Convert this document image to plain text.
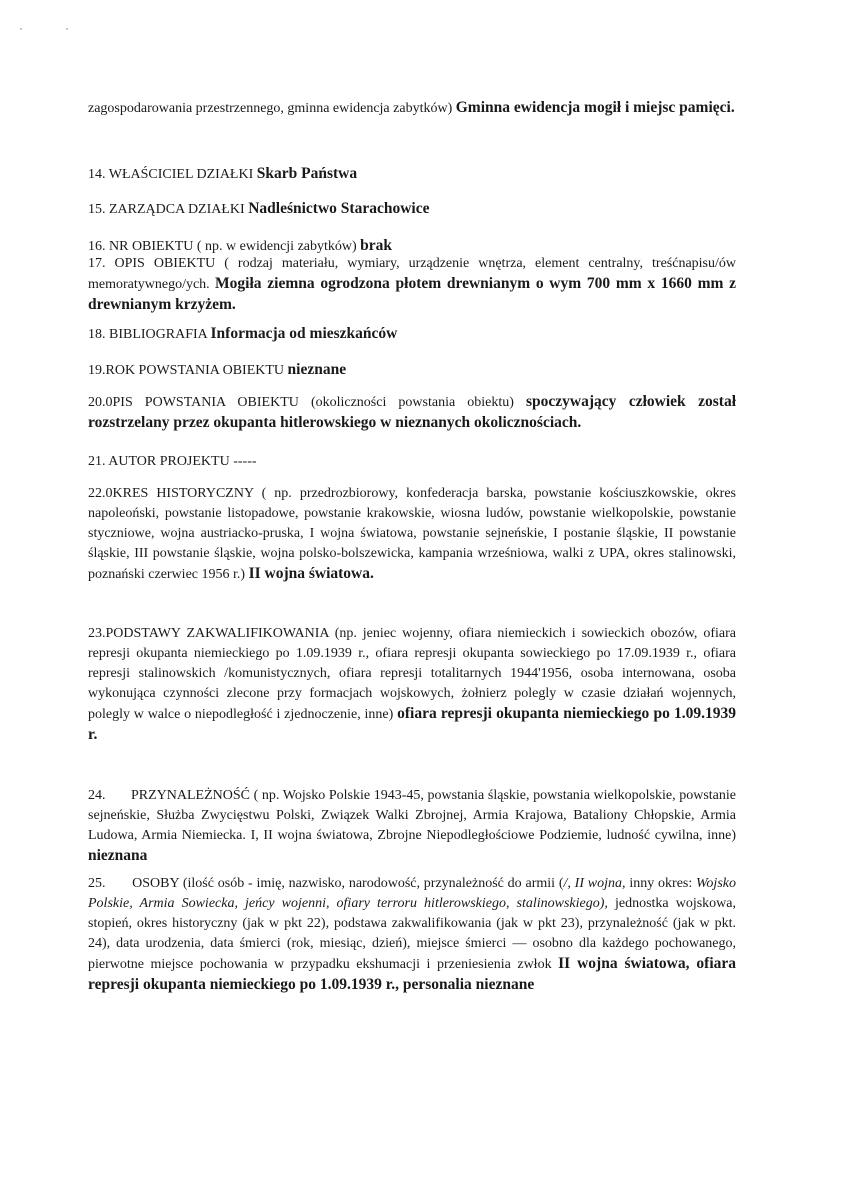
zagospodarowania przestrzennego, gminna ewidencja zabytków) Gminna ewidencja mogił i miejsc pamięci.

14. WŁAŚCICIEL DZIAŁKI Skarb Państwa

15. ZARZĄDCA DZIAŁKI Nadleśnictwo Starachowice

16. NR OBIEKTU ( np. w ewidencji zabytków) brak

17. OPIS OBIEKTU ( rodzaj materiału, wymiary, urządzenie wnętrza, element centralny, treśćnapisu/ów memoratywnego/ych. Mogiła ziemna ogrodzona płotem drewnianym o wym 700 mm x 1660 mm z drewnianym krzyżem.

18. BIBLIOGRAFIA Informacja od mieszkańców

19.ROK POWSTANIA OBIEKTU nieznane

20.0PIS POWSTANIA OBIEKTU (okoliczności powstania obiektu) spoczywający człowiek został rozstrzelany przez okupanta hitlerowskiego w nieznanych okolicznościach.

21. AUTOR PROJEKTU -----

22.0KRES HISTORYCZNY ( np. przedrozbiorowy, konfederacja barska, powstanie kościuszkowskie, okres napoleoński, powstanie listopadowe, powstanie krakowskie, wiosna ludów, powstanie wielkopolskie, powstanie styczniowe, wojna austriacko-pruska, I wojna światowa, powstanie sejneńskie, I postanie śląskie, II powstanie śląskie, III powstanie śląskie, wojna polsko-bolszewicka, kampania wrześniowa, walki z UPA, okres stalinowski, poznański czerwiec 1956 r.) II wojna światowa.

23.PODSTAWY ZAKWALIFIKOWANIA (np. jeniec wojenny, ofiara niemieckich i sowieckich obozów, ofiara represji okupanta niemieckiego po 1.09.1939 r., ofiara represji okupanta sowieckiego po 17.09.1939 r., ofiara represji stalinowskich /komunistycznych, ofiara represji totalitarnych 1944'1956, osoba internowana, osoba wykonująca czynności zlecone przy formacjach wojskowych, żołnierz polegly w czasie działań wojennych, polegly w walce o niepodległość i zjednoczenie, inne) ofiara represji okupanta niemieckiego po 1.09.1939 r.

24. PRZYNALEŻNOŚĆ ( np. Wojsko Polskie 1943-45, powstania śląskie, powstania wielkopolskie, powstanie sejneńskie, Służba Zwycięstwu Polski, Związek Walki Zbrojnej, Armia Krajowa, Bataliony Chłopskie, Armia Ludowa, Armia Niemiecka. I, II wojna światowa, Zbrojne Niepodległościowe Podziemie, ludność cywilna, inne) nieznana

25. OSOBY (ilość osób - imię, nazwisko, narodowość, przynależność do armii (/, II wojna, inny okres: Wojsko Polskie, Armia Sowiecka, jeńcy wojenni, ofiary terroru hitlerowskiego, stalinowskiego), jednostka wojskowa, stopień, okres historyczny (jak w pkt 22), podstawa zakwalifikowania (jak w pkt 23), przynależność (jak w pkt. 24), data urodzenia, data śmierci (rok, miesiąc, dzień), miejsce śmierci — osobno dla każdego pochowanego, pierwotne miejsce pochowania w przypadku ekshumacji i przeniesienia zwłok II wojna światowa, ofiara represji okupanta niemieckiego po 1.09.1939 r., personalia nieznane
